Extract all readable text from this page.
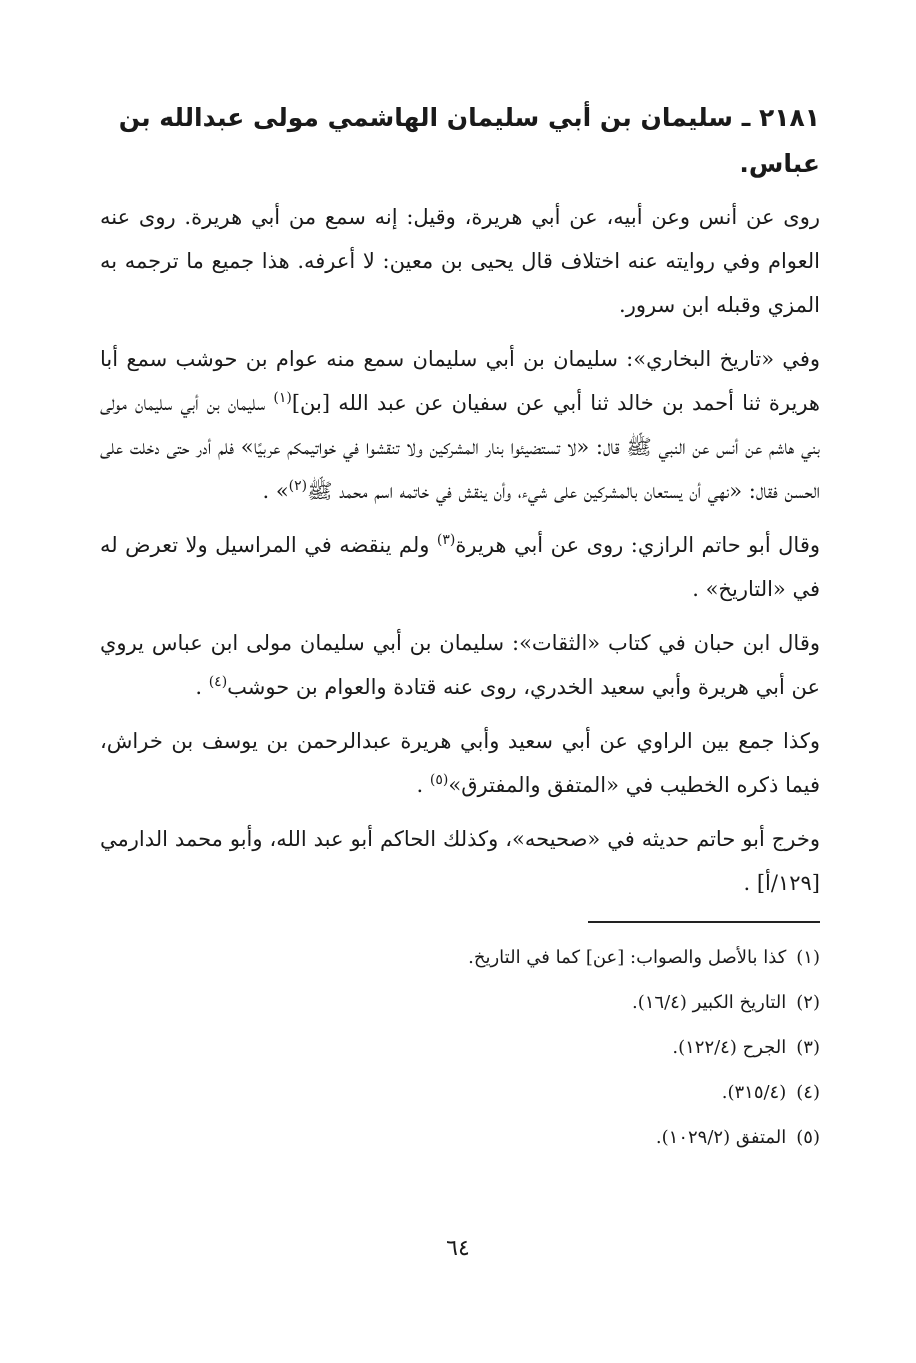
٢١٨١ ـ سليمان بن أبي سليمان الهاشمي مولى عبدالله بن عباس.

روى عن أنس وعن أبيه، عن أبي هريرة، وقيل: إنه سمع من أبي هريرة. روى عنه العوام وفي روايته عنه اختلاف قال يحيى بن معين: لا أعرفه. هذا جميع ما ترجمه به المزي وقبله ابن سرور.

وفي «تاريخ البخاري»: سليمان بن أبي سليمان سمع منه عوام بن حوشب سمع أبا هريرة ثنا أحمد بن خالد ثنا أبي عن سفيان عن عبد الله [بن]$^{(١)}$ سليمان بن أبي سليمان مولى بني هاشم عن أنس عن النبي ﷺ قال: «لا تستضيئوا بنار المشركين ولا تنقشوا في خواتيمكم عربيًا» فلم أدر حتى دخلت على الحسن فقال: «نهي أن يستعان بالمشركين على شيء، وأن ينقش في خاتمه اسم محمد ﷺ$^{(٢)}$» .

وقال أبو حاتم الرازي: روى عن أبي هريرة$^{(٣)}$ ولم ينقضه في المراسيل ولا تعرض له في «التاريخ» .

وقال ابن حبان في كتاب «الثقات»: سليمان بن أبي سليمان مولى ابن عباس يروي عن أبي هريرة وأبي سعيد الخدري، روى عنه قتادة والعوام بن حوشب$^{(٤)}$ .

وكذا جمع بين الراوي عن أبي سعيد وأبي هريرة عبدالرحمن بن يوسف بن خراش، فيما ذكره الخطيب في «المتفق والمفترق»$^{(٥)}$ .

وخرج أبو حاتم حديثه في «صحيحه»، وكذلك الحاكم أبو عبد الله، وأبو محمد الدارمي [١٢٩/أ] .

(١)كذا بالأصل والصواب: [عن] كما في التاريخ.
(٢)التاريخ الكبير (١٦/٤).
(٣)الجرح (١٢٢/٤).
(٤)(٣١٥/٤).
(٥)المتفق (١٠٢٩/٢).
٦٤
